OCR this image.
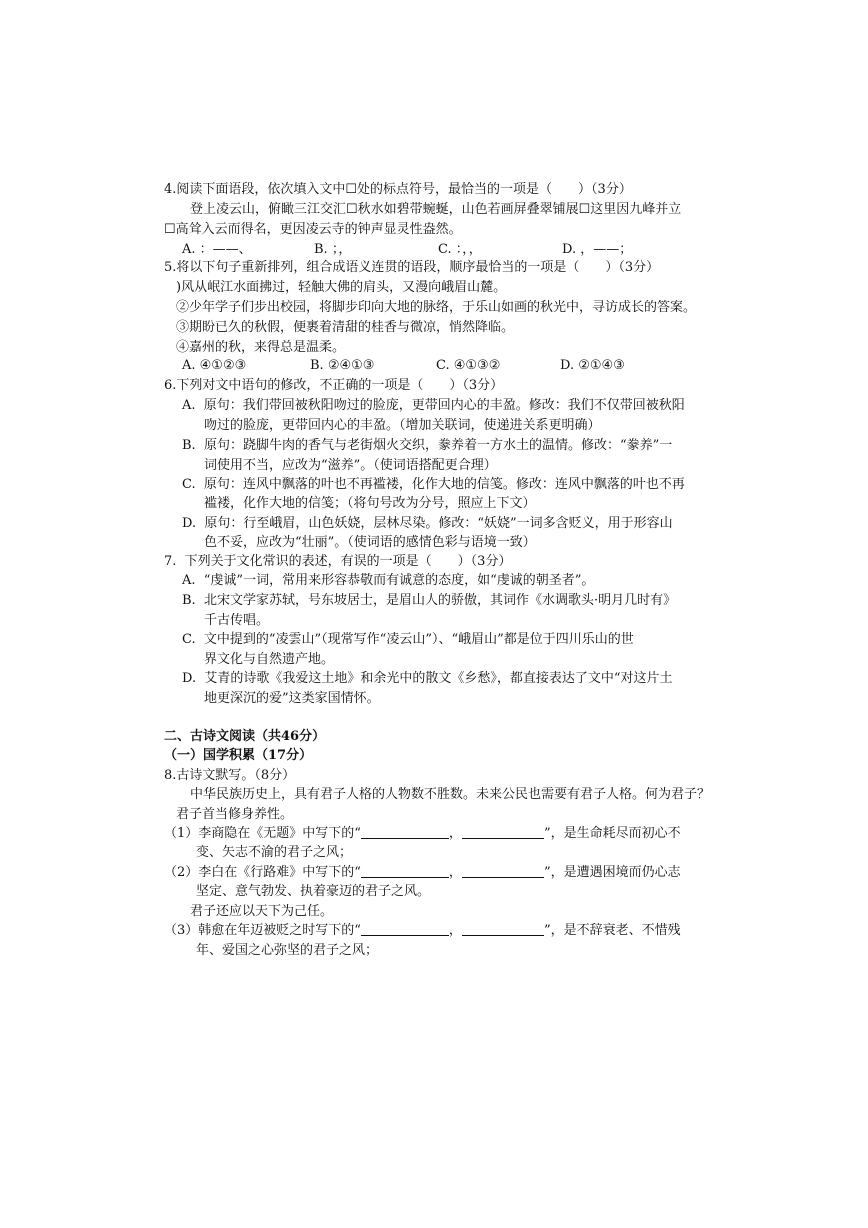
4.阅读下面语段，依次填入文中☐处的标点符号，最恰当的一项是（　　）（3分）
登上凌云山，俯瞰三江交汇☐秋水如碧带蜿蜒，山色若画屏叠翠铺展☐这里因九峰并立
☐高耸入云而得名，更因凌云寺的钟声显灵性盎然。

A. ：——、

	B. ；，

	C. ：，，

	D. ，——；

5.将以下句子重新排列，组合成语义连贯的语段，顺序最恰当的一项是（　　）（3分）
)风从岷江水面拂过，轻触大佛的肩头，又漫向峨眉山麓。
②少年学子们步出校园，将脚步印向大地的脉络，于乐山如画的秋光中，寻访成长的答案。
③期盼已久的秋假，便裹着清甜的桂香与微凉，悄然降临。
④嘉州的秋，来得总是温柔。

A. ④①②③

	B. ②④①③

	C. ④①③②

	D. ②①④③

6.下列对文中语句的修改，不正确的一项是（　　）（3分）
A.  原句：我们带回被秋阳吻过的脸庞，更带回内心的丰盈。修改：我们不仅带回被秋阳
吻过的脸庞，更带回内心的丰盈。（增加关联词，使递进关系更明确）
B.  原句：跷脚牛肉的香气与老街烟火交织，豢养着一方水土的温情。修改：“豢养”一
词使用不当，应改为“滋养”。（使词语搭配更合理）
C.  原句：连风中飘落的叶也不再褴褛，化作大地的信笺。修改：连风中飘落的叶也不再
褴褛，化作大地的信笺；（将句号改为分号，照应上下文）
D.  原句：行至峨眉，山色妖娆，层林尽染。修改：“妖娆”一词多含贬义，用于形容山
色不妥，应改为“壮丽”。（使词语的感情色彩与语境一致）
7.  下列关于文化常识的表述，有误的一项是（　　）（3分）
A.  “虔诚”一词，常用来形容恭敬而有诚意的态度，如“虔诚的朝圣者”。
B.  北宋文学家苏轼，号东坡居士，是眉山人的骄傲，其词作《水调歌头·明月几时有》
千古传唱。
C.  文中提到的“凌雲山”（现常写作“凌云山”）、“峨眉山”都是位于四川乐山的世
界文化与自然遗产地。
D.  艾青的诗歌《我爱这土地》和余光中的散文《乡愁》，都直接表达了文中“对这片土
地更深沉的爱”这类家国情怀。
二、古诗文阅读（共46分）
（一）国学积累（17分）
8.古诗文默写。（8分）
中华民族历史上，具有君子人格的人物数不胜数。未来公民也需要有君子人格。何为君子？
君子首当修身养性。
（1）李商隐在《无题》中写下的“	，	”，是生命耗尽而初心不
变、矢志不渝的君子之风；
（2）李白在《行路难》中写下的“	，	”，是遭遇困境而仍心志
坚定、意气勃发、执着豪迈的君子之风。
君子还应以天下为己任。
（3）韩愈在年迈被贬之时写下的“	，	”，是不辞衰老、不惜残
年、爱国之心弥坚的君子之风；
